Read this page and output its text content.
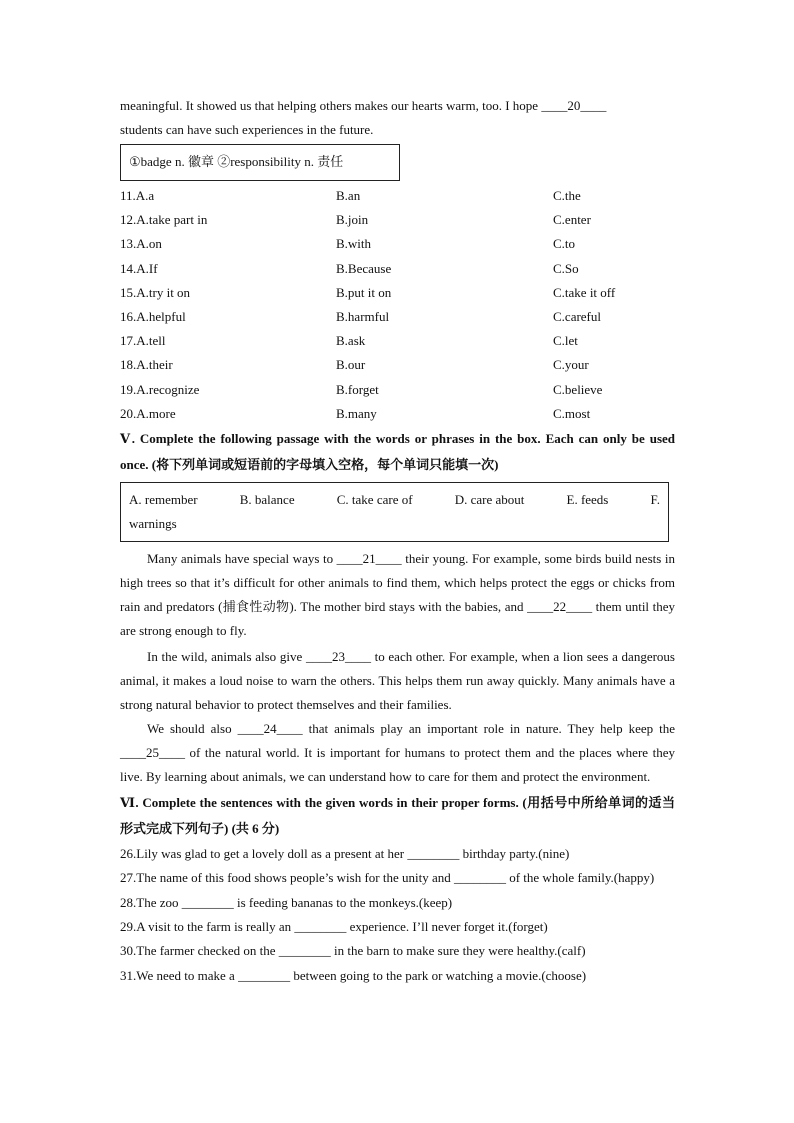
meaningful. It showed us that helping others makes our hearts warm, too. I hope ____20____
students can have such experiences in the future.
①badge n. 徽章 ②responsibility n. 责任
11.A.a	B.an	C.the
12.A.take part in	B.join	C.enter
13.A.on	B.with	C.to
14.A.If	B.Because	C.So
15.A.try it on	B.put it on	C.take it off
16.A.helpful	B.harmful	C.careful
17.A.tell	B.ask	C.let
18.A.their	B.our	C.your
19.A.recognize	B.forget	C.believe
20.A.more	B.many	C.most
Ⅴ. Complete the following passage with the words or phrases in the box. Each can only be used once. (将下列单词或短语前的字母填入空格，每个单词只能填一次)
A. remember	B. balance	C. take care of	D. care about	E. feeds	F.
warnings

Many animals have special ways to ____21____ their young. For example, some birds build nests in high trees so that it’s difficult for other animals to find them, which helps protect the eggs or chicks from rain and predators (捕食性动物). The mother bird stays with the babies, and ____22____ them until they are strong enough to fly.

In the wild, animals also give ____23____ to each other. For example, when a lion sees a dangerous animal, it makes a loud noise to warn the others. This helps them run away quickly. Many animals have a strong natural behavior to protect themselves and their families.

We should also ____24____ that animals play an important role in nature. They help keep the ____25____ of the natural world. It is important for humans to protect them and the places where they live. By learning about animals, we can understand how to care for them and protect the environment.

Ⅵ. Complete the sentences with the given words in their proper forms. (用括号中所给单词的适当形式完成下列句子) (共 6 分)
26.Lily was glad to get a lovely doll as a present at her ________ birthday party.(nine)
27.The name of this food shows people’s wish for the unity and ________ of the whole family.(happy)
28.The zoo ________ is feeding bananas to the monkeys.(keep)
29.A visit to the farm is really an ________ experience. I’ll never forget it.(forget)
30.The farmer checked on the ________ in the barn to make sure they were healthy.(calf)
31.We need to make a ________ between going to the park or watching a movie.(choose)
